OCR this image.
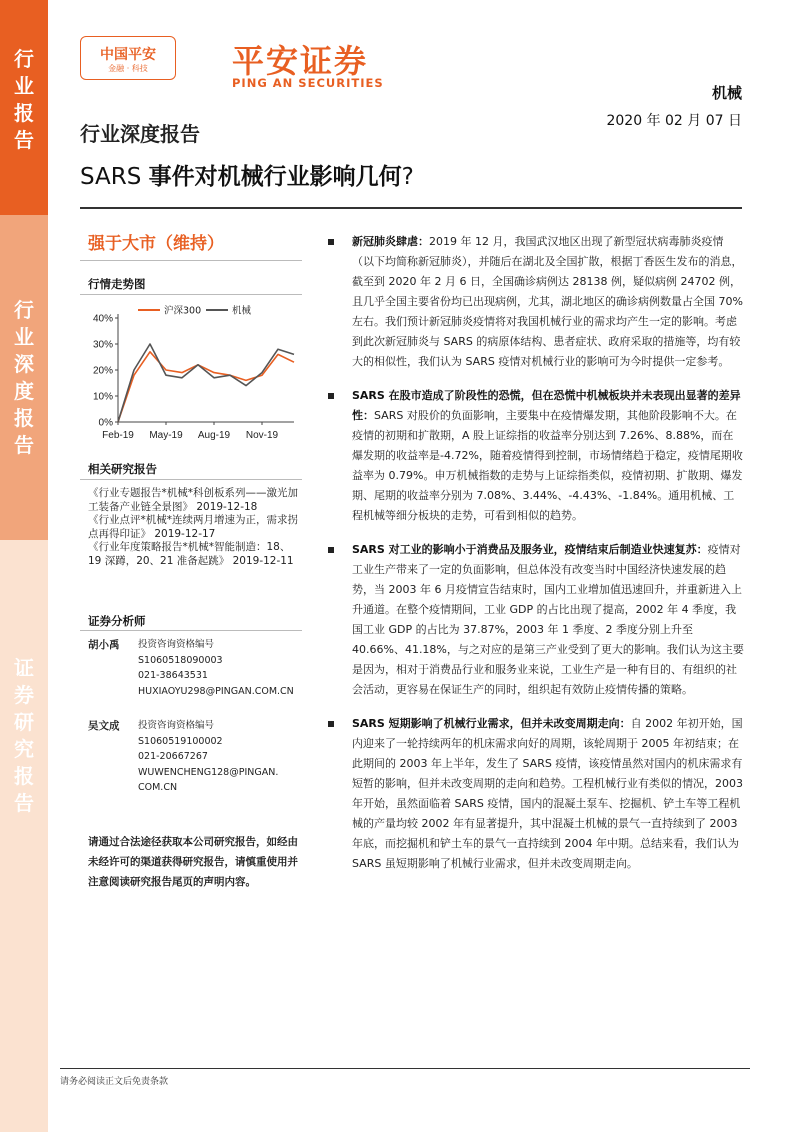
行
业
报
告
行
业
深
度
报
告
证
券
研
究
报
告
中国平安
金融 · 科技	平安证券
PING AN SECURITIES
机械
行业深度报告
2020 年 02 月 07 日
SARS 事件对机械行业影响几何?
强于大市（维持）
行情走势图
0%
10%
20%
30%
40%
Feb-19 May-19 Aug-19 Nov-19
沪深300	机械
相关研究报告
《行业专题报告*机械*科创板系列——激光加工装备产业链全景图》 2019-12-18
《行业点评*机械*连续两月增速为正，需求拐点再得印证》 2019-12-17
《行业年度策略报告*机械*智能制造：18、19 深蹲，20、21 准备起跳》 2019-12-11
证券分析师
胡小禹 投资咨询资格编号
S1060518090003
021-38643531
HUXIAOYU298@PINGAN.COM.CN
吴文成 投资咨询资格编号
S1060519100002
021-20667267
WUWENCHENG128@PINGAN.COM.CN
请通过合法途径获取本公司研究报告，如经由未经许可的渠道获得研究报告，请慎重使用并注意阅读研究报告尾页的声明内容。
新冠肺炎肆虐：2019 年 12 月，我国武汉地区出现了新型冠状病毒肺炎疫情（以下均简称新冠肺炎），并随后在湖北及全国扩散，根据丁香医生发布的消息，截至到 2020 年 2 月 6 日，全国确诊病例达 28138 例，疑似病例 24702 例，且几乎全国主要省份均已出现病例，尤其，湖北地区的确诊病例数量占全国 70%左右。我们预计新冠肺炎疫情将对我国机械行业的需求均产生一定的影响。考虑到此次新冠肺炎与 SARS 的病原体结构、患者症状、政府采取的措施等，均有较大的相似性，我们认为 SARS 疫情对机械行业的影响可为今时提供一定参考。
SARS 在股市造成了阶段性的恐慌，但在恐慌中机械板块并未表现出显著的差异性：SARS 对股价的负面影响，主要集中在疫情爆发期，其他阶段影响不大。在疫情的初期和扩散期，A 股上证综指的收益率分别达到 7.26%、8.88%，而在爆发期的收益率是-4.72%，随着疫情得到控制，市场情绪趋于稳定，疫情尾期收益率为 0.79%。申万机械指数的走势与上证综指类似，疫情初期、扩散期、爆发期、尾期的收益率分别为 7.08%、3.44%、-4.43%、-1.84%。通用机械、工程机械等细分板块的走势，可看到相似的趋势。
SARS 对工业的影响小于消费品及服务业，疫情结束后制造业快速复苏：疫情对工业生产带来了一定的负面影响，但总体没有改变当时中国经济快速发展的趋势，当 2003 年 6 月疫情宣告结束时，国内工业增加值迅速回升，并重新进入上升通道。在整个疫情期间，工业 GDP 的占比出现了提高，2002 年 4 季度，我国工业 GDP 的占比为 37.87%，2003 年 1 季度、2 季度分别上升至 40.66%、41.18%，与之对应的是第三产业受到了更大的影响。我们认为这主要是因为，相对于消费品行业和服务业来说，工业生产是一种有目的、有组织的社会活动，更容易在保证生产的同时，组织起有效防止疫情传播的策略。
SARS 短期影响了机械行业需求，但并未改变周期走向：自 2002 年初开始，国内迎来了一轮持续两年的机床需求向好的周期，该轮周期于 2005 年初结束；在此期间的 2003 年上半年，发生了 SARS 疫情，该疫情虽然对国内的机床需求有短暂的影响，但并未改变周期的走向和趋势。工程机械行业有类似的情况，2003 年开始，虽然面临着 SARS 疫情，国内的混凝土泵车、挖掘机、铲土车等工程机械的产量均较 2002 年有显著提升，其中混凝土机械的景气一直持续到了 2003 年底，而挖掘机和铲土车的景气一直持续到 2004 年中期。总结来看，我们认为 SARS 虽短期影响了机械行业需求，但并未改变周期走向。
请务必阅读正文后免责条款
